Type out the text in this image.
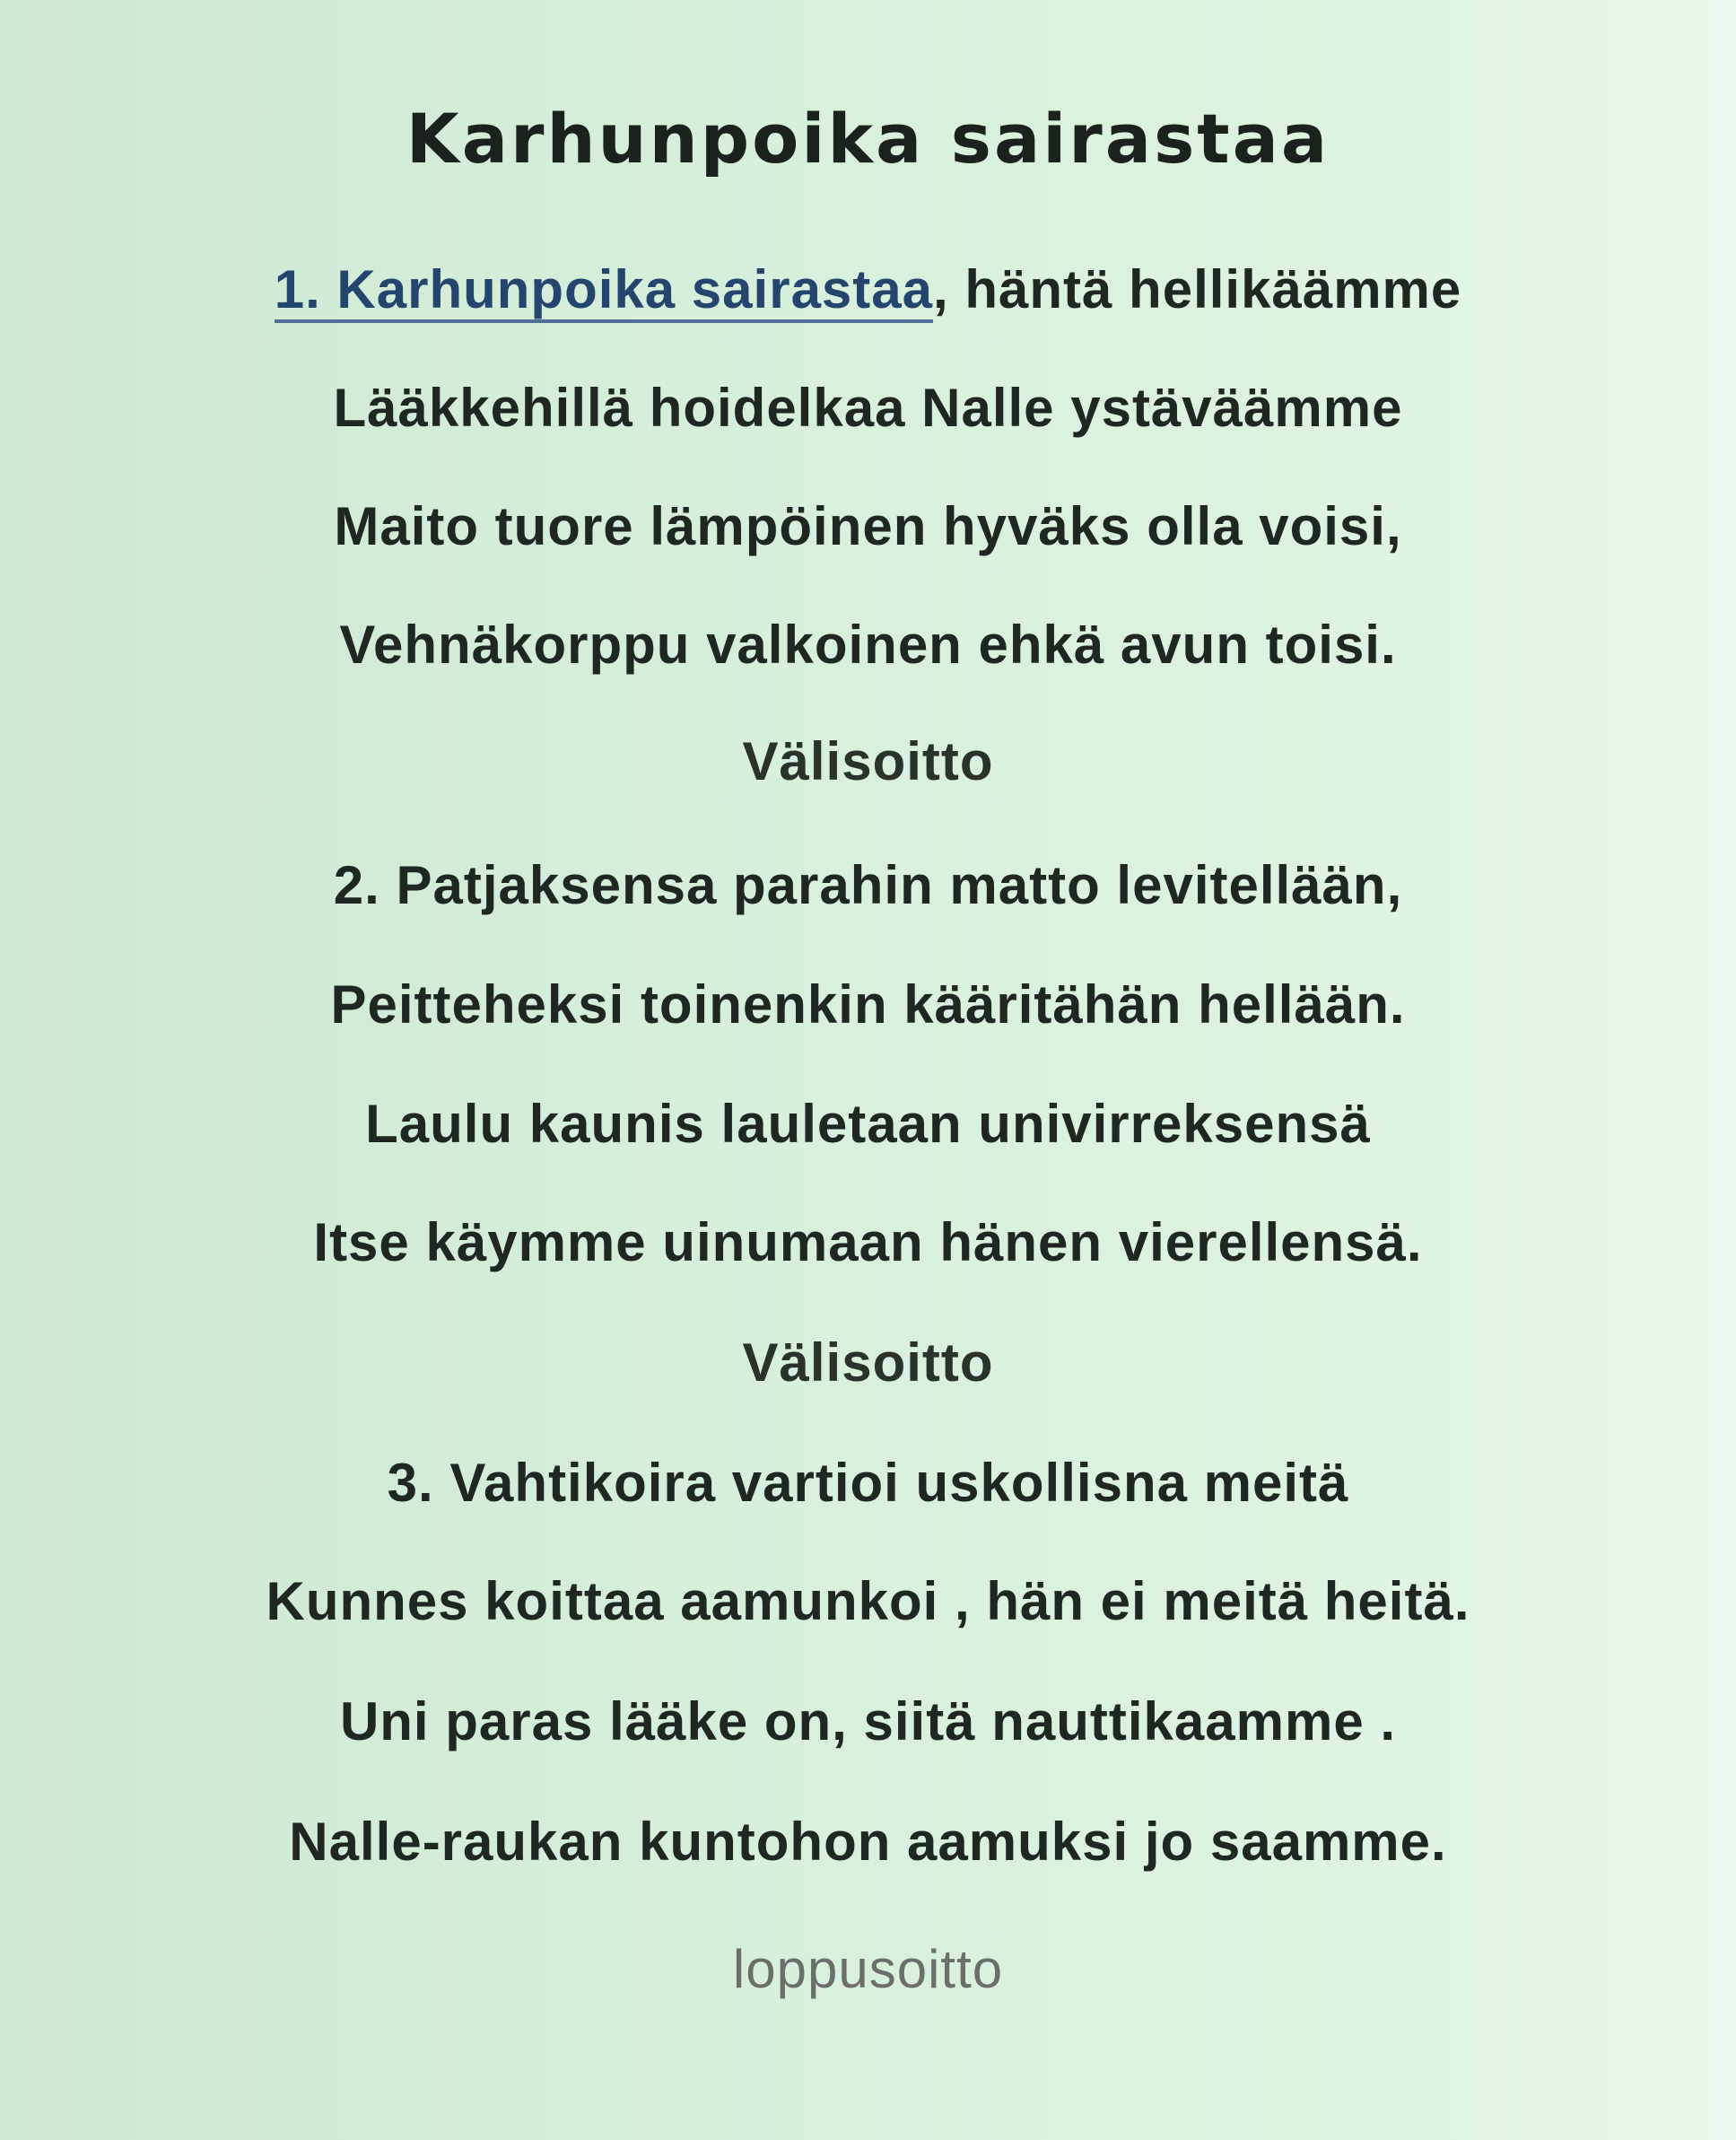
Karhunpoika sairastaa
1. Karhunpoika sairastaa, häntä hellikäämme
Lääkkehillä hoidelkaa Nalle ystäväämme
Maito tuore lämpöinen hyväks olla voisi,
Vehnäkorppu valkoinen ehkä avun toisi.
Välisoitto
2. Patjaksensa parahin matto levitellään,
Peitteheksi toinenkin kääritähän hellään.
Laulu kaunis lauletaan univirreksensä
Itse käymme uinumaan hänen vierellensä.
Välisoitto
3. Vahtikoira vartioi uskollisna meitä
Kunnes koittaa aamunkoi , hän ei meitä heitä.
Uni paras lääke on, siitä nauttikaamme .
Nalle-raukan kuntohon aamuksi jo saamme.
loppusoitto
